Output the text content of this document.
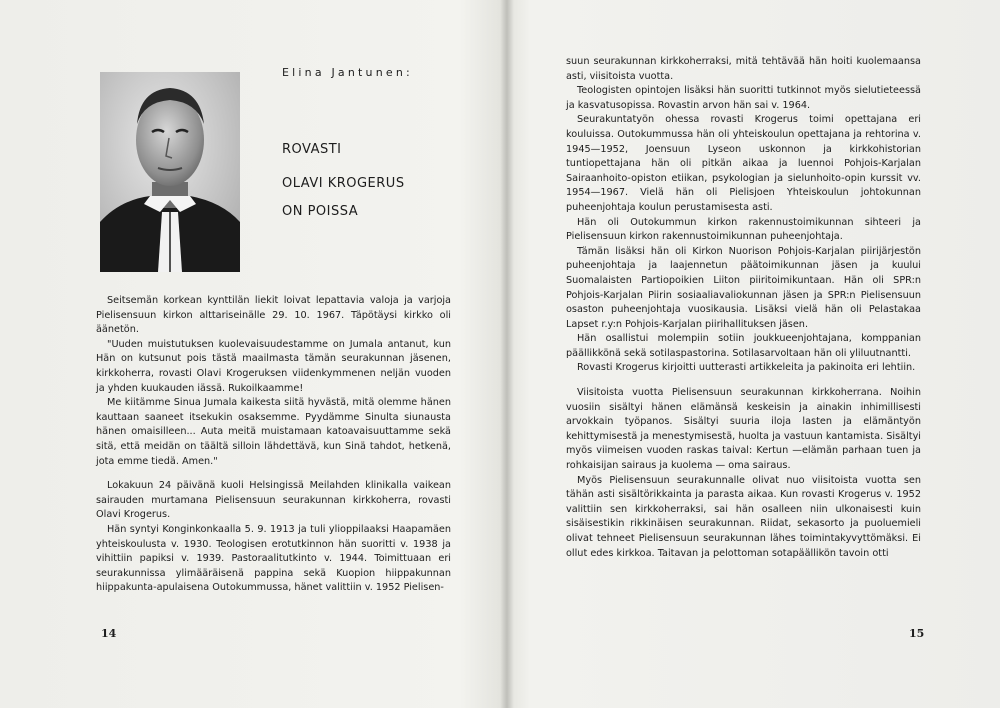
Elina Jantunen:
ROVASTI
OLAVI KROGERUS
ON POISSA

Seitsemän korkean kynttilän liekit loivat lepattavia valoja ja varjoja Pielisensuun kirkon alttariseinälle 29. 10. 1967. Täpötäysi kirkko oli äänetön.

"Uuden muistutuksen kuolevaisuudestamme on Jumala antanut, kun Hän on kutsunut pois tästä maailmasta tämän seurakunnan jäsenen, kirkkoherra, rovasti Olavi Krogeruksen viidenkymmenen neljän vuoden ja yhden kuukauden iässä. Rukoilkaamme!

Me kiitämme Sinua Jumala kaikesta siitä hyvästä, mitä olemme hänen kauttaan saaneet itsekukin osaksemme. Pyydämme Sinulta siunausta hänen omaisilleen... Auta meitä muistamaan katoavaisuuttamme sekä sitä, että meidän on täältä silloin lähdettävä, kun Sinä tahdot, hetkenä, jota emme tiedä. Amen."

Lokakuun 24 päivänä kuoli Helsingissä Meilahden klinikalla vaikean sairauden murtamana Pielisensuun seurakunnan kirkkoherra, rovasti Olavi Krogerus.

Hän syntyi Konginkonkaalla 5. 9. 1913 ja tuli ylioppilaaksi Haapamäen yhteiskoulusta v. 1930. Teologisen erotutkinnon hän suoritti v. 1938 ja vihittiin papiksi v. 1939. Pastoraalitutkinto v. 1944. Toimittuaan eri seurakunnissa ylimääräisenä pappina sekä Kuopion hiippakunnan hiippakunta-apulaisena Outokummussa, hänet valittiin v. 1952 Pielisen-

14

suun seurakunnan kirkkoherraksi, mitä tehtävää hän hoiti kuolemaansa asti, viisitoista vuotta.

Teologisten opintojen lisäksi hän suoritti tutkinnot myös sielutieteessä ja kasvatusopissa. Rovastin arvon hän sai v. 1964.

Seurakuntatyön ohessa rovasti Krogerus toimi opettajana eri kouluissa. Outokummussa hän oli yhteiskoulun opettajana ja rehtorina v. 1945—1952, Joensuun Lyseon uskonnon ja kirkkohistorian tuntiopettajana hän oli pitkän aikaa ja luennoi Pohjois-Karjalan Sairaanhoito-opiston etiikan, psykologian ja sielunhoito-opin kurssit vv. 1954—1967. Vielä hän oli Pielisjoen Yhteiskoulun johtokunnan puheenjohtaja koulun perustamisesta asti.

Hän oli Outokummun kirkon rakennustoimikunnan sihteeri ja Pielisensuun kirkon rakennustoimikunnan puheenjohtaja.

Tämän lisäksi hän oli Kirkon Nuorison Pohjois-Karjalan piirijärjestön puheenjohtaja ja laajennetun päätoimikunnan jäsen ja kuului Suomalaisten Partiopoikien Liiton piiritoimikuntaan. Hän oli SPR:n Pohjois-Karjalan Piirin sosiaaliavaliokunnan jäsen ja SPR:n Pielisensuun osaston puheenjohtaja vuosikausia. Lisäksi vielä hän oli Pelastakaa Lapset r.y:n Pohjois-Karjalan piirihallituksen jäsen.

Hän osallistui molempiin sotiin joukkueenjohtajana, komppanian päällikkönä sekä sotilaspastorina. Sotilasarvoltaan hän oli yliluutnantti.

Rovasti Krogerus kirjoitti uutterasti artikkeleita ja pakinoita eri lehtiin.

Viisitoista vuotta Pielisensuun seurakunnan kirkkoherrana. Noihin vuosiin sisältyi hänen elämänsä keskeisin ja ainakin inhimillisesti arvokkain työpanos. Sisältyi suuria iloja lasten ja elämäntyön kehittymisestä ja menestymisestä, huolta ja vastuun kantamista. Sisältyi myös viimeisen vuoden raskas taival: Kertun —elämän parhaan tuen ja rohkaisijan sairaus ja kuolema — oma sairaus.

Myös Pielisensuun seurakunnalle olivat nuo viisitoista vuotta sen tähän asti sisältörikkainta ja parasta aikaa. Kun rovasti Krogerus v. 1952 valittiin sen kirkkoherraksi, sai hän osalleen niin ulkonaisesti kuin sisäisestikin rikkinäisen seurakunnan. Riidat, sekasorto ja puoluemieli olivat tehneet Pielisensuun seurakunnan lähes toimintakyvyttömäksi. Ei ollut edes kirkkoa. Taitavan ja pelottoman sotapäällikön tavoin otti

15
